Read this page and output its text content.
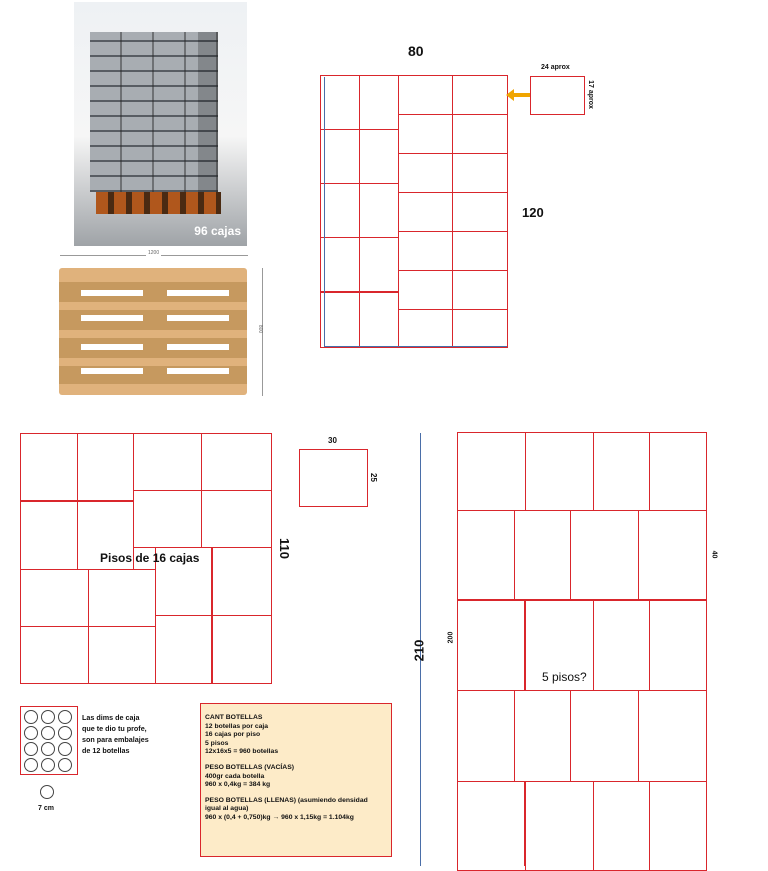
96 cajas
1200
800
80
120
24 aprox
17 aprox
Pisos de 16 cajas	110
30
25
210
200
40
5 pisos?
Las dims de caja que te dio tu profe, son para embalajes de 12 botellas
7 cm

CANT BOTELLAS
12 botellas por caja
16 cajas por piso
5 pisos
12x16x5 = 960 botellas

PESO BOTELLAS (VACÍAS)
400gr cada botella
960 x 0,4kg = 384 kg

PESO BOTELLAS (LLENAS) (asumiendo densidad
igual al agua)
960 x (0,4 + 0,750)kg → 960 x 1,15kg = 1.104kg
